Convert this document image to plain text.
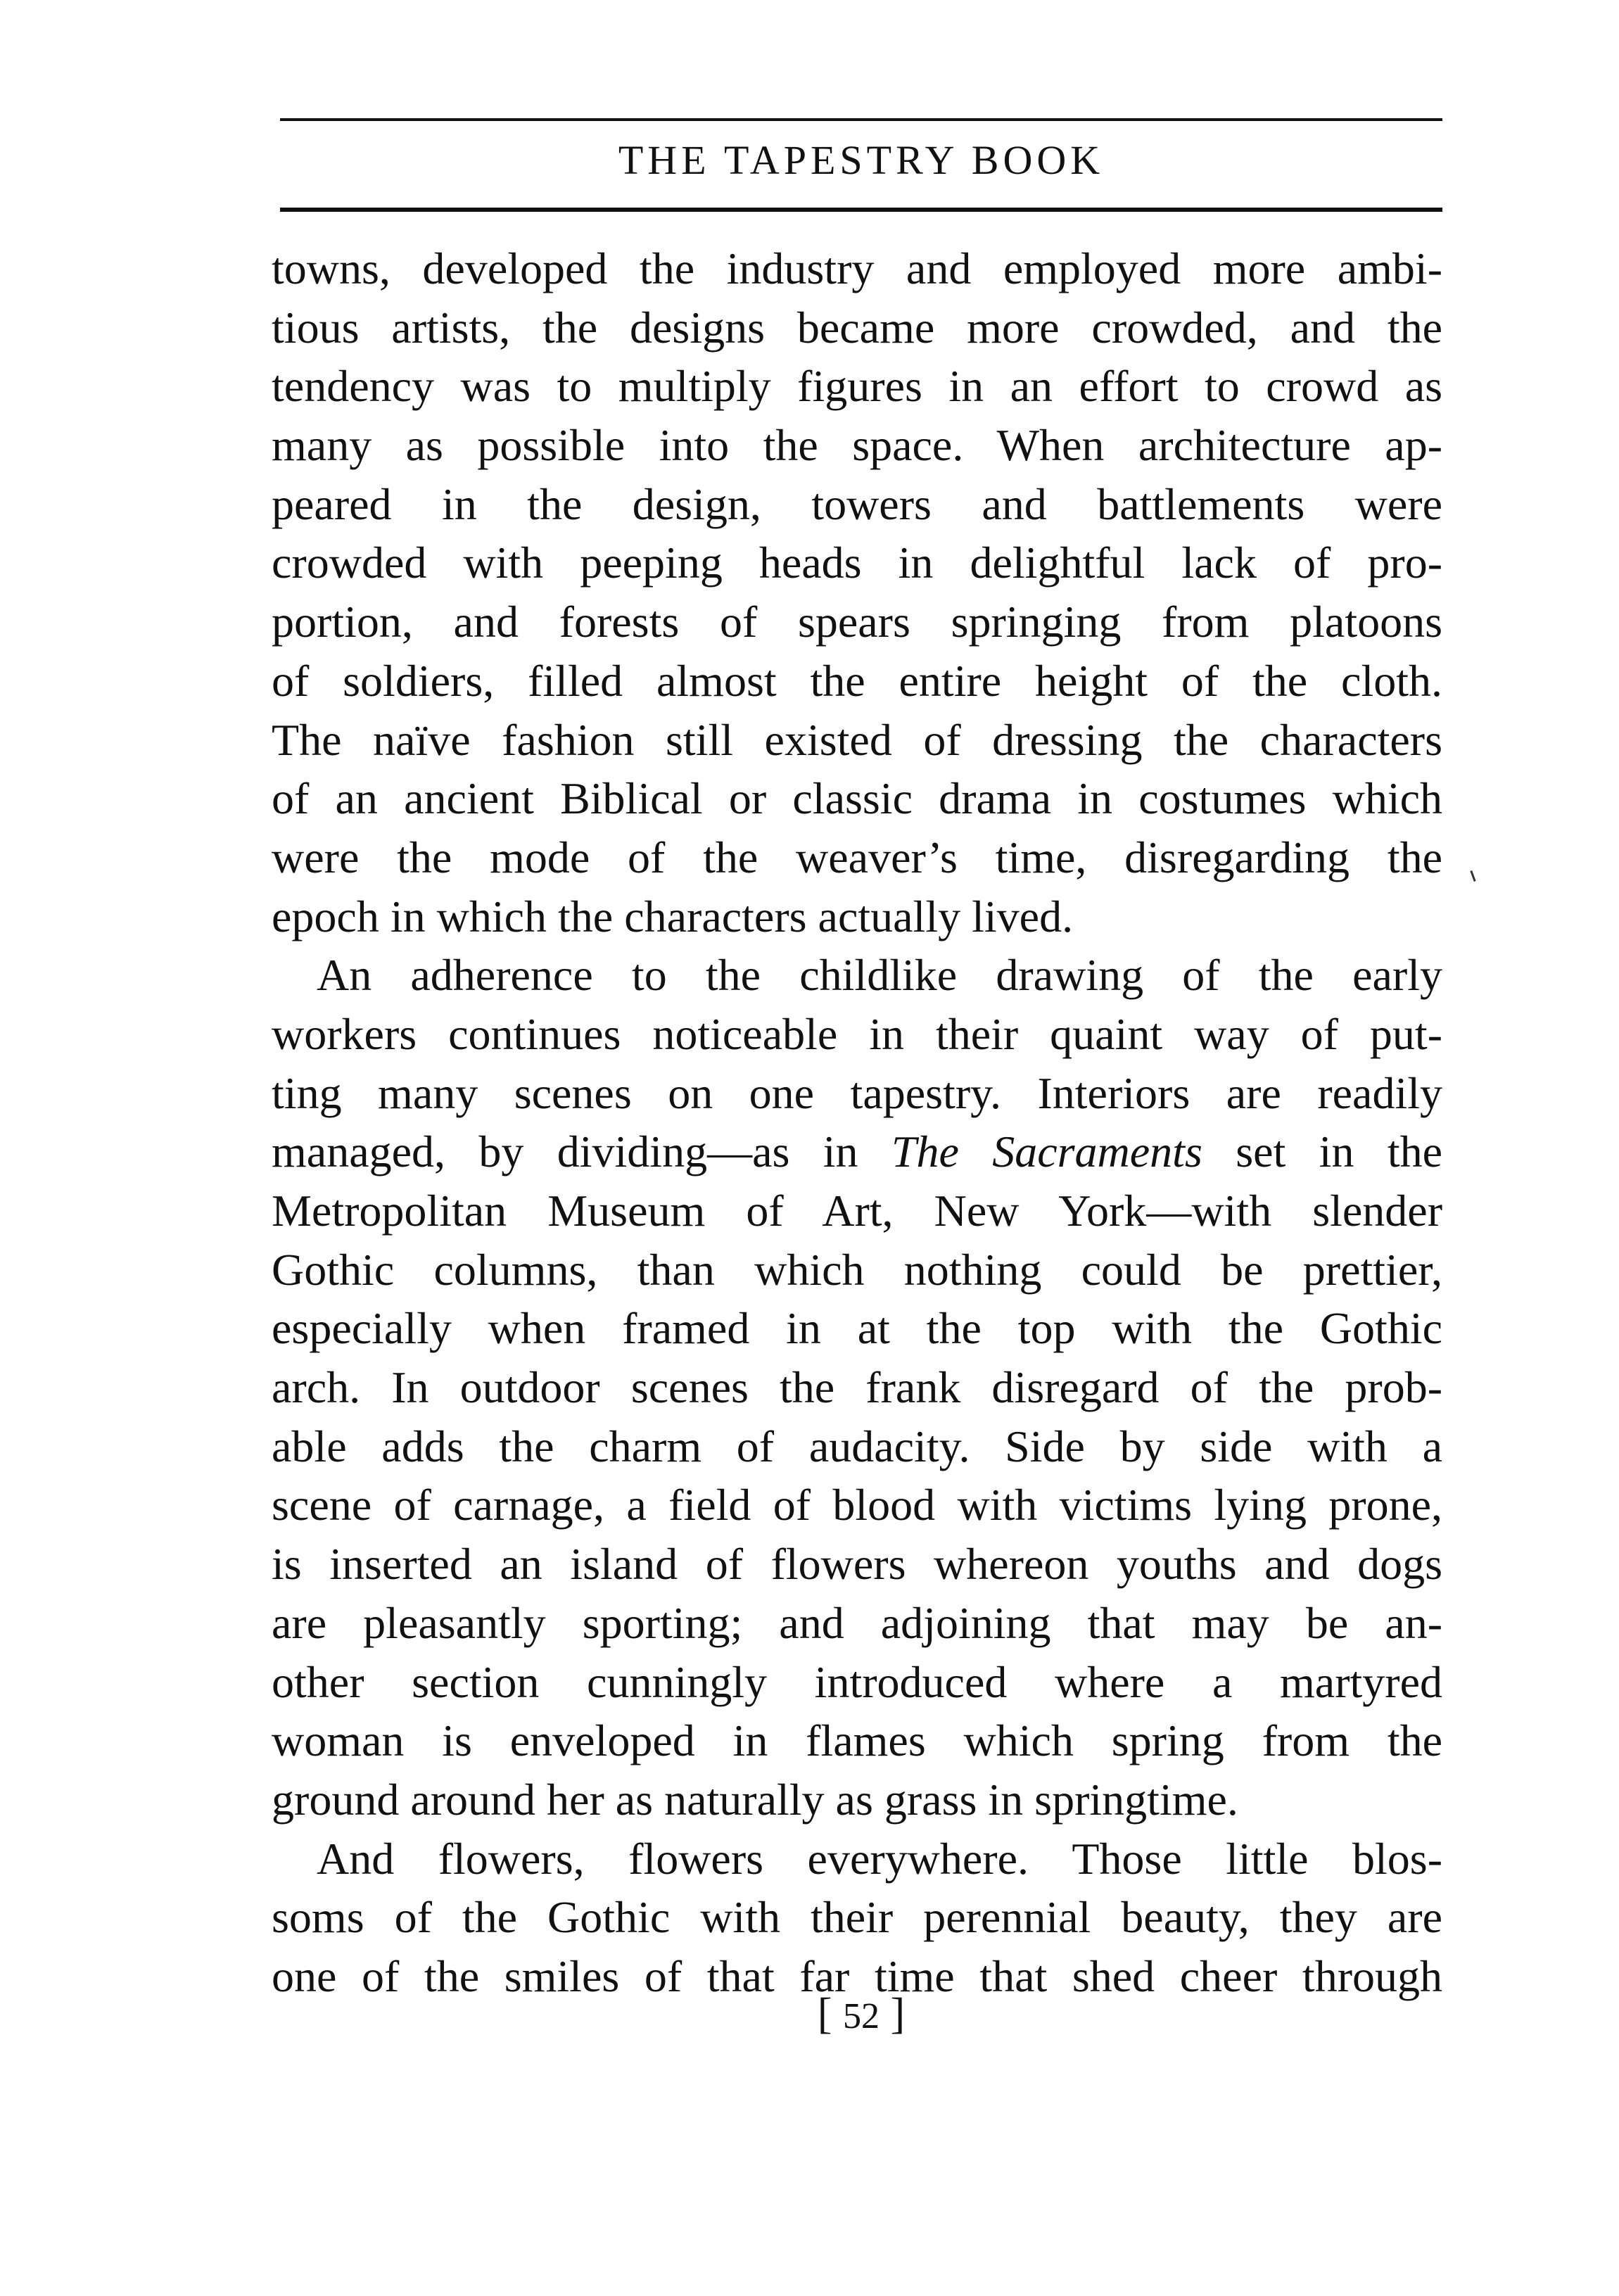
THE TAPESTRY BOOK
towns, developed the industry and employed more ambi-
tious artists, the designs became more crowded, and the
tendency was to multiply figures in an effort to crowd as
many as possible into the space. When architecture ap-
peared in the design, towers and battlements were
crowded with peeping heads in delightful lack of pro-
portion, and forests of spears springing from platoons
of soldiers, filled almost the entire height of the cloth.
The naïve fashion still existed of dressing the characters
of an ancient Biblical or classic drama in costumes which
were the mode of the weaver’s time, disregarding the
epoch in which the characters actually lived.
An adherence to the childlike drawing of the early
workers continues noticeable in their quaint way of put-
ting many scenes on one tapestry. Interiors are readily
managed, by dividing—as in The Sacraments set in the
Metropolitan Museum of Art, New York—with slender
Gothic columns, than which nothing could be prettier,
especially when framed in at the top with the Gothic
arch. In outdoor scenes the frank disregard of the prob-
able adds the charm of audacity. Side by side with a
scene of carnage, a field of blood with victims lying prone,
is inserted an island of flowers whereon youths and dogs
are pleasantly sporting; and adjoining that may be an-
other section cunningly introduced where a martyred
woman is enveloped in flames which spring from the
ground around her as naturally as grass in springtime.
And flowers, flowers everywhere. Those little blos-
soms of the Gothic with their perennial beauty, they are
one of the smiles of that far time that shed cheer through
[ 52 ]
